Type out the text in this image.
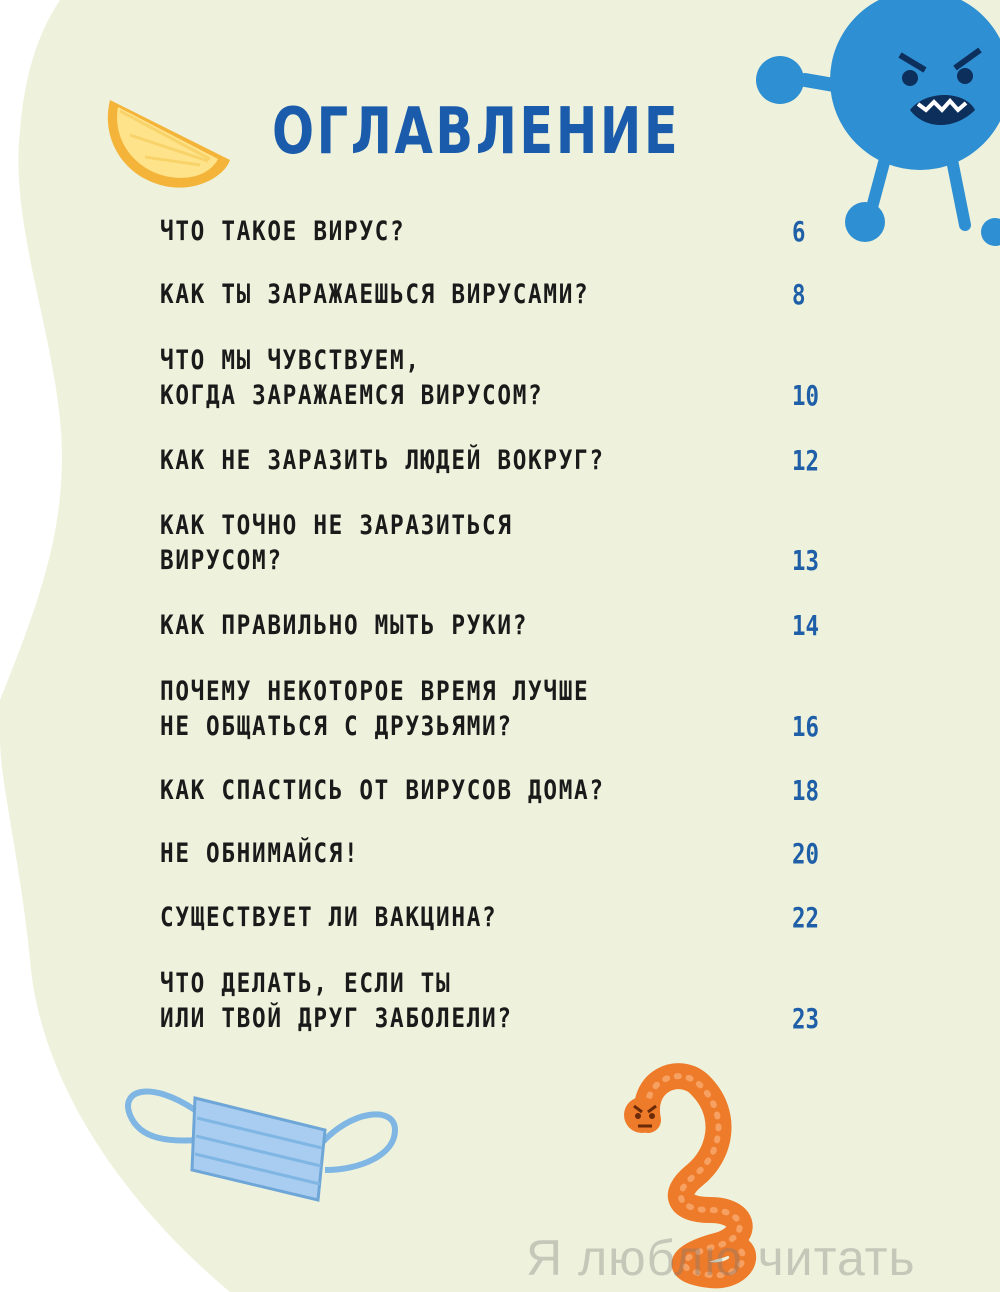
ОГЛАВЛЕНИЕ
ЧТО ТАКОЕ ВИРУС?	6
КАК ТЫ ЗАРАЖАЕШЬСЯ ВИРУСАМИ?	8
ЧТО МЫ ЧУВСТВУЕМ,
КОГДА ЗАРАЖАЕМСЯ ВИРУСОМ?	10
КАК НЕ ЗАРАЗИТЬ ЛЮДЕЙ ВОКРУГ?	12
КАК ТОЧНО НЕ ЗАРАЗИТЬСЯ
ВИРУСОМ?	13
КАК ПРАВИЛЬНО МЫТЬ РУКИ?	14
ПОЧЕМУ НЕКОТОРОЕ ВРЕМЯ ЛУЧШЕ
НЕ ОБЩАТЬСЯ С ДРУЗЬЯМИ?	16
КАК СПАСТИСЬ ОТ ВИРУСОВ ДОМА?	18
НЕ ОБНИМАЙСЯ!	20
СУЩЕСТВУЕТ ЛИ ВАКЦИНА?	22
ЧТО ДЕЛАТЬ, ЕСЛИ ТЫ
ИЛИ ТВОЙ ДРУГ ЗАБОЛЕЛИ?	23
Я люблю читать
